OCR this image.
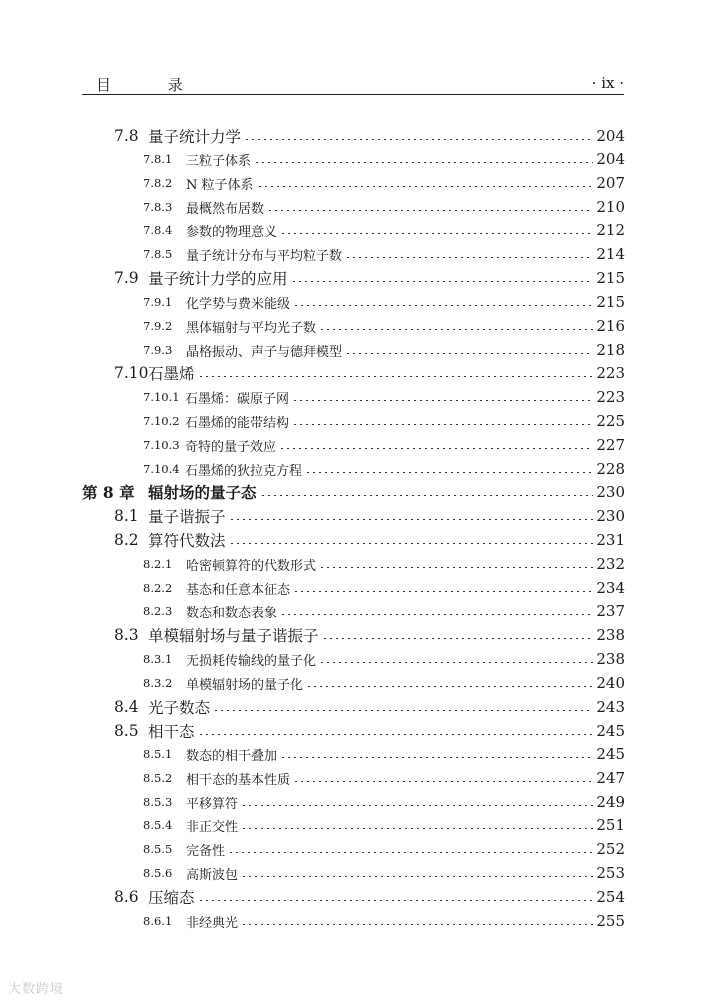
目 录	· ix ·
7.8 量子统计力学	204
7.8.1	三粒子体系	204
7.8.2	N 粒子体系	207
7.8.3	最概然布居数	210
7.8.4	参数的物理意义	212
7.8.5	量子统计分布与平均粒子数	214
7.9 量子统计力学的应用	215
7.9.1	化学势与费米能级	215
7.9.2	黑体辐射与平均光子数	216
7.9.3	晶格振动、声子与德拜模型	218
7.10 石墨烯	223
7.10.1 石墨烯：碳原子网	223
7.10.2 石墨烯的能带结构	225
7.10.3 奇特的量子效应	227
7.10.4 石墨烯的狄拉克方程	228
第 8 章 辐射场的量子态	230
8.1 量子谐振子	230
8.2 算符代数法	231
8.2.1	哈密顿算符的代数形式	232
8.2.2	基态和任意本征态	234
8.2.3	数态和数态表象	237
8.3 单模辐射场与量子谐振子	238
8.3.1	无损耗传输线的量子化	238
8.3.2	单模辐射场的量子化	240
8.4 光子数态	243
8.5 相干态	245
8.5.1	数态的相干叠加	245
8.5.2	相干态的基本性质	247
8.5.3	平移算符	249
8.5.4	非正交性	251
8.5.5	完备性	252
8.5.6	高斯波包	253
8.6 压缩态	254
8.6.1	非经典光	255
大数跨境
